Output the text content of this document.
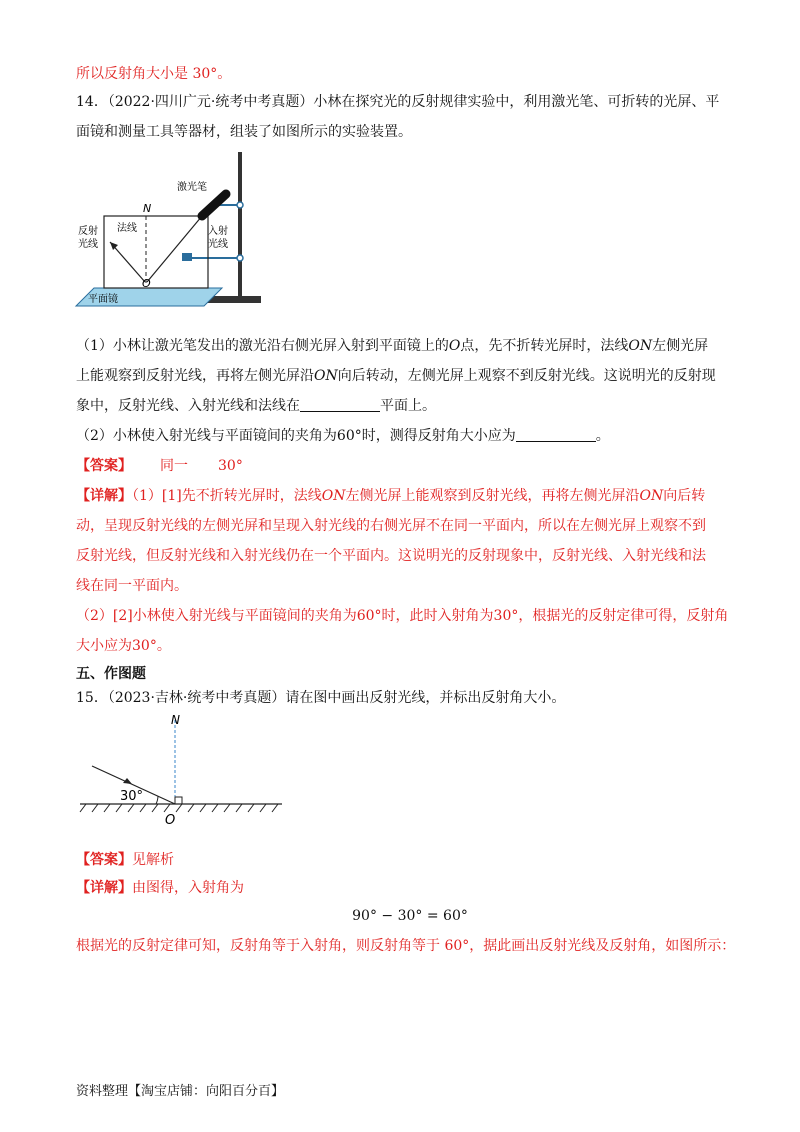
所以反射角大小是 30°。
14．（2022·四川广元·统考中考真题）小林在探究光的反射规律实验中，利用激光笔、可折转的光屏、平
面镜和测量工具等器材，组装了如图所示的实验装置。
N
O
激光笔
法线
反射
光线
入射
光线
平面镜
（1）小林让激光笔发出的激光沿右侧光屏入射到平面镜上的O点，先不折转光屏时，法线ON左侧光屏
上能观察到反射光线，再将左侧光屏沿ON向后转动，左侧光屏上观察不到反射光线。这说明光的反射现
象中，反射光线、入射光线和法线在	平面上。
（2）小林使入射光线与平面镜间的夹角为60°时，测得反射角大小应为	。
【答案】 同一 30°
【详解】（1）[1]先不折转光屏时，法线ON左侧光屏上能观察到反射光线，再将左侧光屏沿ON向后转
动，呈现反射光线的左侧光屏和呈现入射光线的右侧光屏不在同一平面内，所以在左侧光屏上观察不到
反射光线，但反射光线和入射光线仍在一个平面内。这说明光的反射现象中，反射光线、入射光线和法
线在同一平面内。
（2）[2]小林使入射光线与平面镜间的夹角为60°时，此时入射角为30°，根据光的反射定律可得，反射角
大小应为30°。
五、作图题
15．（2023·吉林·统考中考真题）请在图中画出反射光线，并标出反射角大小。
N
O
30°
【答案】见解析
【详解】由图得，入射角为
90° − 30° = 60°
根据光的反射定律可知，反射角等于入射角，则反射角等于 60°，据此画出反射光线及反射角，如图所示：
资料整理【淘宝店铺：向阳百分百】
